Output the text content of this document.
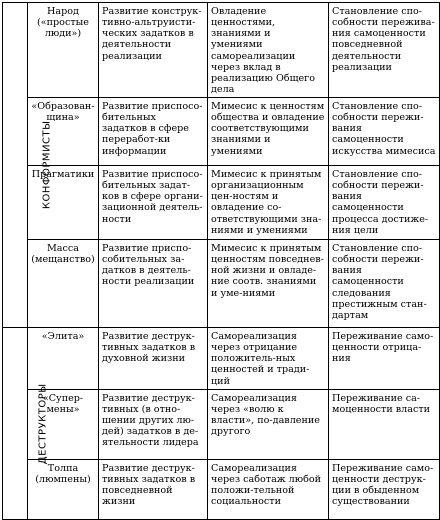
КОНФОРМИСТЫ	Народ («простые люди»)	Развитие конструк-тивно-альтруисти-ческих задатков в деятельности реализации	Овладение ценностями, знаниями и умениями самореализации через вклад в реализацию Общего дела	Становление спо-собности пережива-ния самоценности повседневной деятельности реализации
	«Образован-щина»	Развитие приспосо-бительных задатков в сфере переработ-ки информации	Мимесис к ценностям общества и овладение соответствующими знаниями и умениями	Становление спо-собности пережи-вания самоценности искусства мимесиса
	Прагматики	Развитие приспосо-бительных задат-ков в сфере органи-зационной деятель-ности	Мимесис к принятым организационным цен-ностям и овладение со-ответствующими зна-ниями и умениями	Становление спо-собности пережи-вания самоценности процесса достиже-ния цели
	Масса (мещанство)	Развитие приспо-собительных за-датков в деятель-ности реализации	Мимесис к принятым ценностям повседнев-ной жизни и овладе-ние соотв. знаниями и уме-ниями	Становление спо-собности пережи-вания самоценности следования престижным стан-дартам
ДЕСТРУКТОРЫ	«Элита»	Развитие деструк-тивных задатков в духовной жизни	Самореализация через отрицание положитель-ных ценностей и тради-ций	Переживание само-ценности отрица-ния
	«Супер-мены»	Развитие деструк-тивных (в отно-шении других лю-дей) задатков в де-ятельности лидера	Самореализация через «волю к власти», по-давление другого	Переживание са-моценности власти
	Толпа (люмпены)	Развитие деструк-тивных задатков в повседневной жизни	Самореализация через саботаж любой положи-тельной социальности	Переживание само-ценности деструк-ции в обыденном существовании
